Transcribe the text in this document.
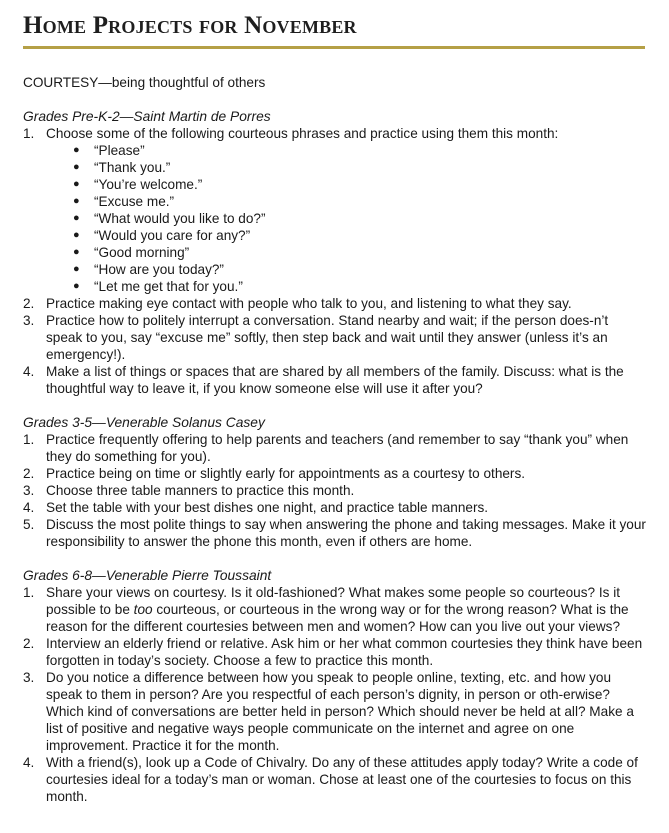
Home Projects for November
COURTESY—being thoughtful of others
Grades Pre-K-2—Saint Martin de Porres
1. Choose some of the following courteous phrases and practice using them this month:
● “Please”
● “Thank you.”
● “You’re welcome.”
● “Excuse me.”
● “What would you like to do?”
● “Would you care for any?”
● “Good morning”
● “How are you today?”
● “Let me get that for you.”
2. Practice making eye contact with people who talk to you, and listening to what they say.
3. Practice how to politely interrupt a conversation. Stand nearby and wait; if the person does-n’t speak to you, say “excuse me” softly, then step back and wait until they answer (unless it’s an emergency!).
4. Make a list of things or spaces that are shared by all members of the family. Discuss: what is the thoughtful way to leave it, if you know someone else will use it after you?
Grades 3-5—Venerable Solanus Casey
1. Practice frequently offering to help parents and teachers (and remember to say “thank you” when they do something for you).
2. Practice being on time or slightly early for appointments as a courtesy to others.
3. Choose three table manners to practice this month.
4. Set the table with your best dishes one night, and practice table manners.
5. Discuss the most polite things to say when answering the phone and taking messages. Make it your responsibility to answer the phone this month, even if others are home.
Grades 6-8—Venerable Pierre Toussaint
1. Share your views on courtesy. Is it old-fashioned? What makes some people so courteous? Is it possible to be too courteous, or courteous in the wrong way or for the wrong reason? What is the reason for the different courtesies between men and women? How can you live out your views?
2. Interview an elderly friend or relative. Ask him or her what common courtesies they think have been forgotten in today’s society. Choose a few to practice this month.
3. Do you notice a difference between how you speak to people online, texting, etc. and how you speak to them in person? Are you respectful of each person’s dignity, in person or oth-erwise? Which kind of conversations are better held in person? Which should never be held at all? Make a list of positive and negative ways people communicate on the internet and agree on one improvement. Practice it for the month.
4. With a friend(s), look up a Code of Chivalry. Do any of these attitudes apply today? Write a code of courtesies ideal for a today’s man or woman. Chose at least one of the courtesies to focus on this month.
